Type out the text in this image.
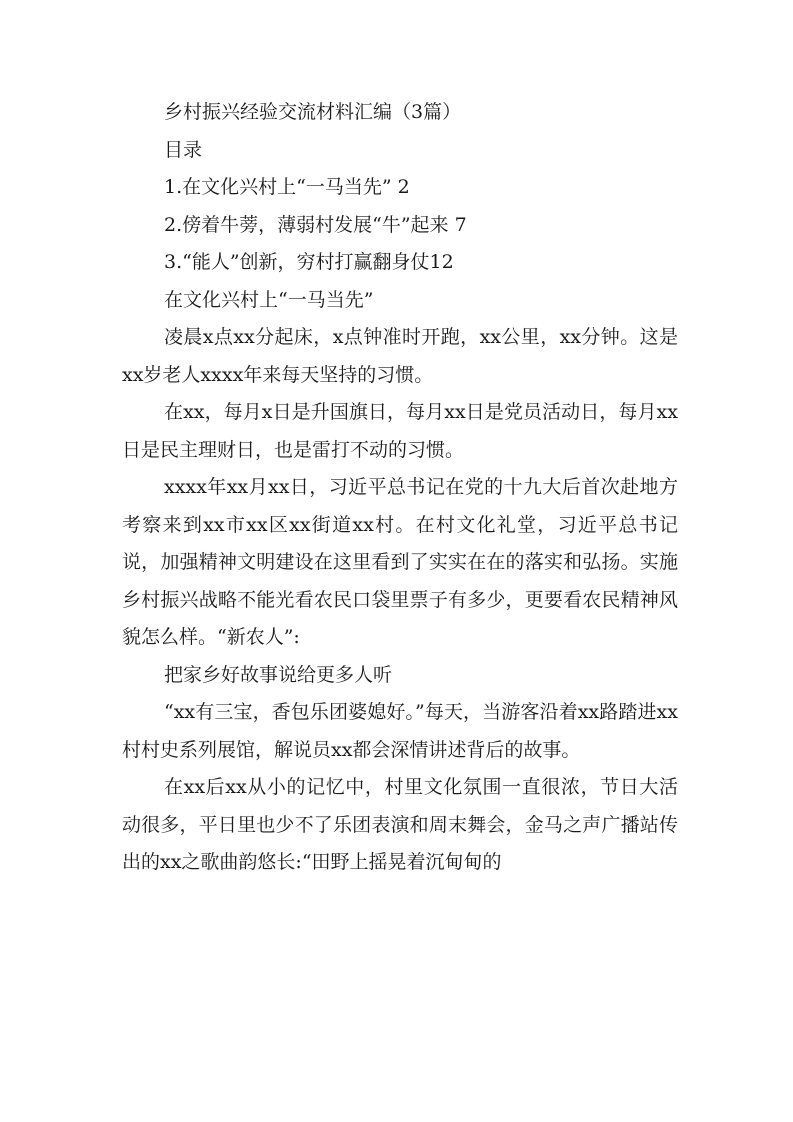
乡村振兴经验交流材料汇编（3篇）
目录
1.在文化兴村上“一马当先” 2
2.傍着牛蒡，薄弱村发展“牛”起来 7
3.“能人”创新，穷村打赢翻身仗12
在文化兴村上“一马当先”

凌晨x点xx分起床，x点钟准时开跑，xx公里，xx分钟。这是xx岁老人xxxx年来每天坚持的习惯。

在xx，每月x日是升国旗日，每月xx日是党员活动日，每月xx日是民主理财日，也是雷打不动的习惯。

xxxx年xx月xx日，习近平总书记在党的十九大后首次赴地方考察来到xx市xx区xx街道xx村。在村文化礼堂，习近平总书记说，加强精神文明建设在这里看到了实实在在的落实和弘扬。实施乡村振兴战略不能光看农民口袋里票子有多少，更要看农民精神风貌怎么样。“新农人”:

把家乡好故事说给更多人听

“xx有三宝，香包乐团婆媳好。”每天，当游客沿着xx路踏进xx村村史系列展馆，解说员xx都会深情讲述背后的故事。

在xx后xx从小的记忆中，村里文化氛围一直很浓，节日大活动很多，平日里也少不了乐团表演和周末舞会，金马之声广播站传出的xx之歌曲韵悠长:“田野上摇晃着沉甸甸的
